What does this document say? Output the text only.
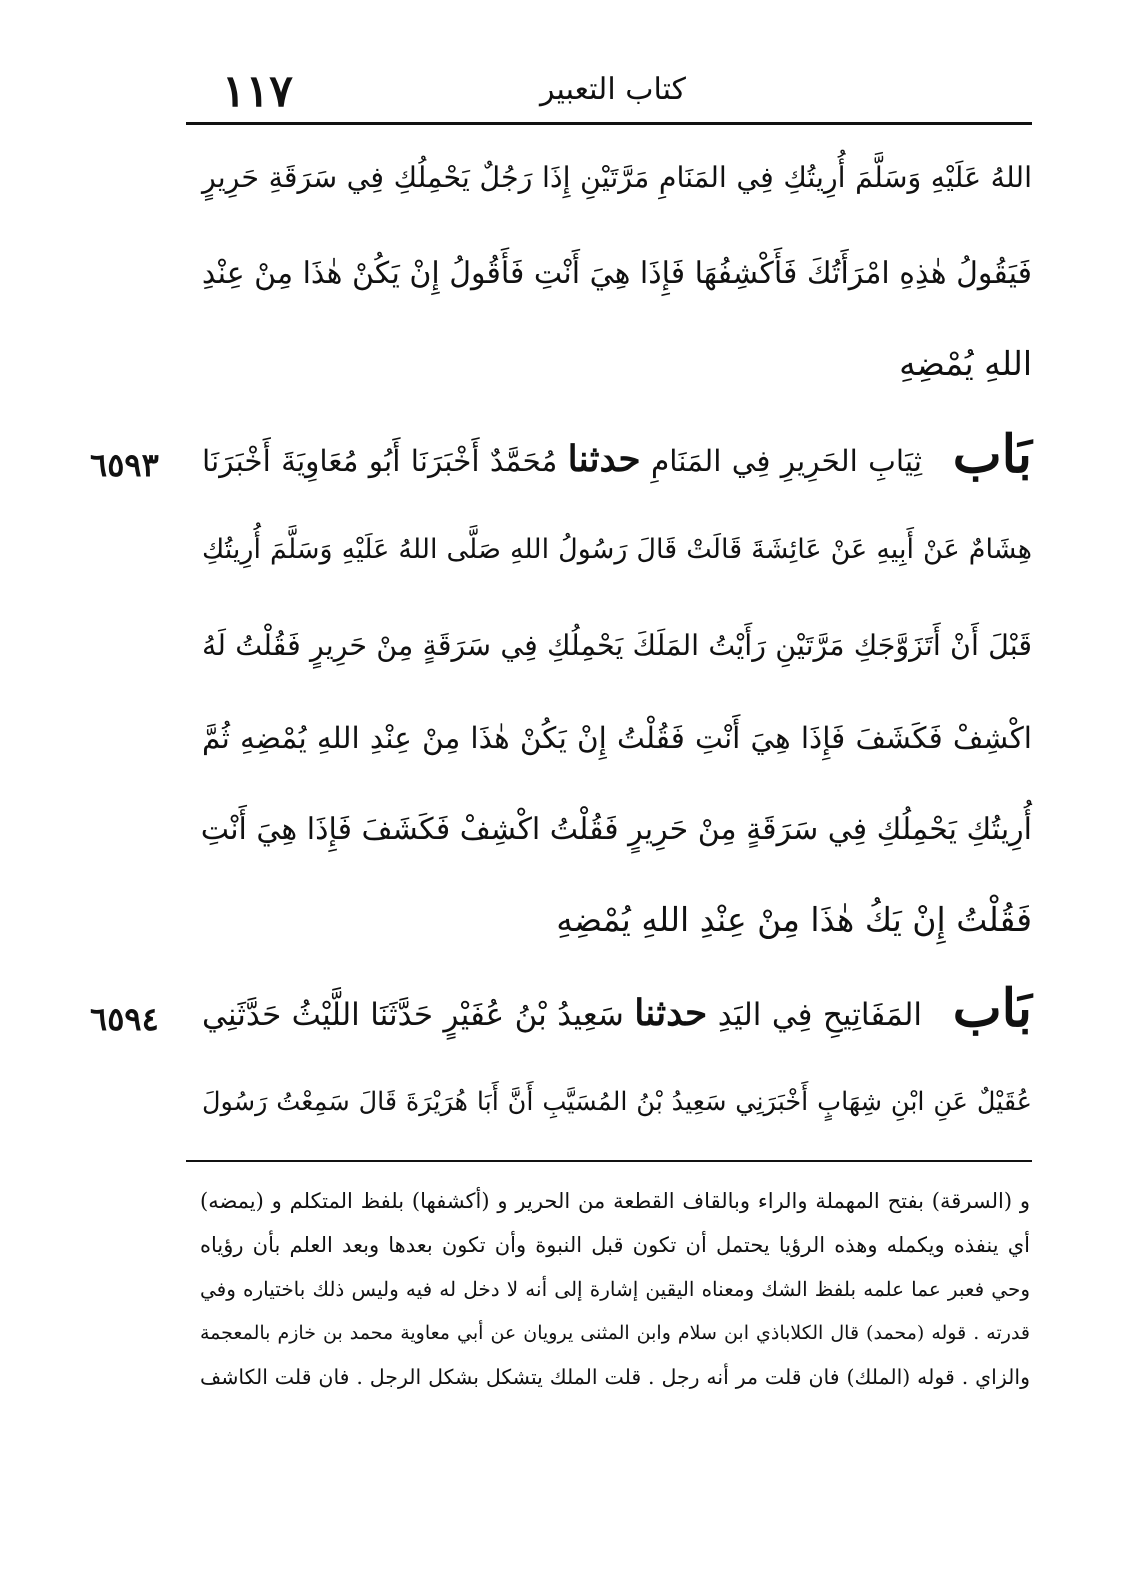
١١٧	كتاب التعبير
اللهُ عَلَيْهِ وَسَلَّمَ أُرِيتُكِ فِي المَنَامِ مَرَّتَيْنِ إِذَا رَجُلٌ يَحْمِلُكِ فِي سَرَقَةِ حَرِيرٍ
فَيَقُولُ هٰذِهِ امْرَأَتُكَ فَأَكْشِفُهَا فَإِذَا هِيَ أَنْتِ فَأَقُولُ إِنْ يَكُنْ هٰذَا مِنْ عِنْدِ
اللهِ يُمْضِهِ
بَاب
ثِيَابِ الحَرِيرِ فِي المَنَامِ حدثنا مُحَمَّدٌ أَخْبَرَنَا أَبُو مُعَاوِيَةَ أَخْبَرَنَا
٦٥٩٣
هِشَامٌ عَنْ أَبِيهِ عَنْ عَائِشَةَ قَالَتْ قَالَ رَسُولُ اللهِ صَلَّى اللهُ عَلَيْهِ وَسَلَّمَ أُرِيتُكِ
قَبْلَ أَنْ أَتَزَوَّجَكِ مَرَّتَيْنِ رَأَيْتُ المَلَكَ يَحْمِلُكِ فِي سَرَقَةٍ مِنْ حَرِيرٍ فَقُلْتُ لَهُ
اكْشِفْ فَكَشَفَ فَإِذَا هِيَ أَنْتِ فَقُلْتُ إِنْ يَكُنْ هٰذَا مِنْ عِنْدِ اللهِ يُمْضِهِ ثُمَّ
أُرِيتُكِ يَحْمِلُكِ فِي سَرَقَةٍ مِنْ حَرِيرٍ فَقُلْتُ اكْشِفْ فَكَشَفَ فَإِذَا هِيَ أَنْتِ
فَقُلْتُ إِنْ يَكُ هٰذَا مِنْ عِنْدِ اللهِ يُمْضِهِ
بَاب
المَفَاتِيحِ فِي اليَدِ حدثنا سَعِيدُ بْنُ عُفَيْرٍ حَدَّثَنَا اللَّيْثُ حَدَّثَنِي
٦٥٩٤
عُقَيْلٌ عَنِ ابْنِ شِهَابٍ أَخْبَرَنِي سَعِيدُ بْنُ المُسَيَّبِ أَنَّ أَبَا هُرَيْرَةَ قَالَ سَمِعْتُ رَسُولَ
و (السرقة) بفتح المهملة والراء وبالقاف القطعة من الحرير و (أكشفها) بلفظ المتكلم و (يمضه)
أي ينفذه ويكمله وهذه الرؤيا يحتمل أن تكون قبل النبوة وأن تكون بعدها وبعد العلم بأن رؤياه
وحي فعبر عما علمه بلفظ الشك ومعناه اليقين إشارة إلى أنه لا دخل له فيه وليس ذلك باختياره وفي
قدرته . قوله (محمد) قال الكلاباذي ابن سلام وابن المثنى يرويان عن أبي معاوية محمد بن خازم بالمعجمة
والزاي . قوله (الملك) فان قلت مر أنه رجل . قلت الملك يتشكل بشكل الرجل . فان قلت الكاشف
